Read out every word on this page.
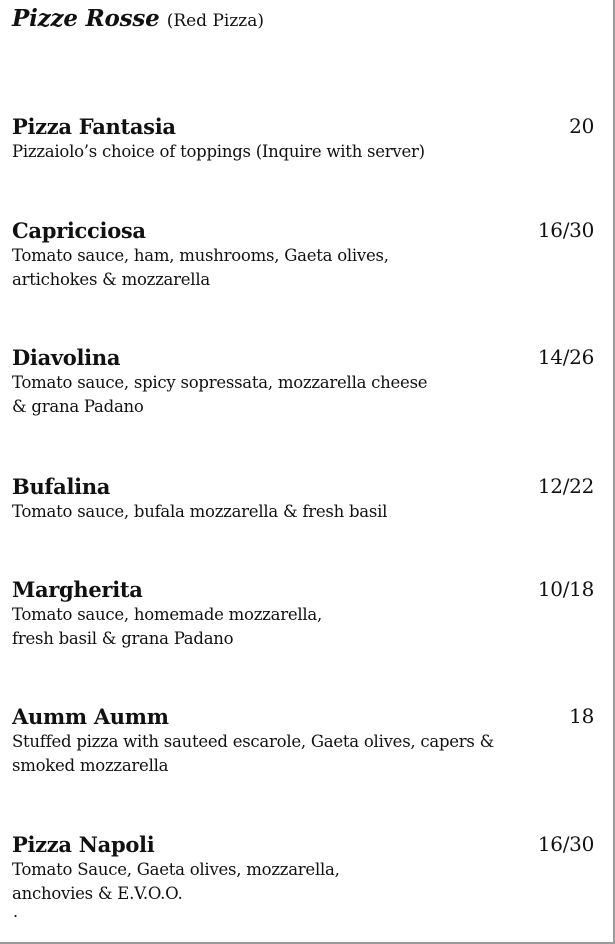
Pizze Rosse (Red Pizza)
Pizza Fantasia	20
Pizzaiolo’s choice of toppings (Inquire with server)
Capricciosa	16/30
Tomato sauce, ham, mushrooms, Gaeta olives,
artichokes & mozzarella
Diavolina	14/26
Tomato sauce, spicy sopressata, mozzarella cheese
& grana Padano
Bufalina	12/22
Tomato sauce, bufala mozzarella & fresh basil
Margherita	10/18
Tomato sauce, homemade mozzarella,
fresh basil & grana Padano
Aumm Aumm	18
Stuffed pizza with sauteed escarole, Gaeta olives, capers &
smoked mozzarella
Pizza Napoli	16/30
Tomato Sauce, Gaeta olives, mozzarella,
anchovies & E.V.O.O.
.
